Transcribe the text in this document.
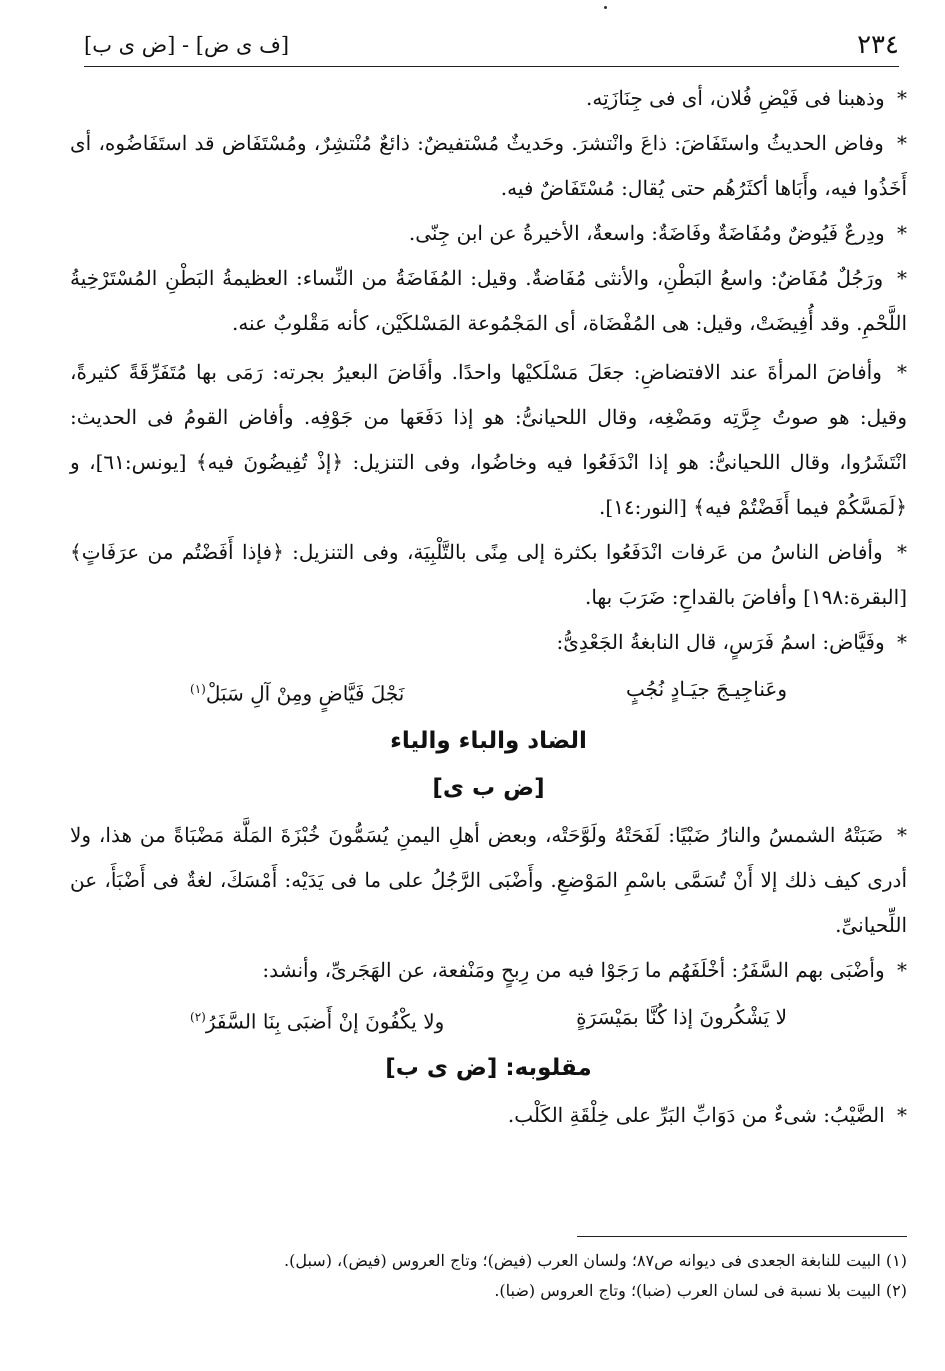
٢٣٤
[ف ى ض] - [ض ى ب]

* وذهبنا فى فَيْضِ فُلان، أى فى جِنَازَتِه.

* وفاض الحديثُ واستَفَاضَ: ذاعَ وانْتشرَ. وحَديثٌ مُسْتفيضٌ: ذائعٌ مُنْتشِرٌ، ومُسْتَفَاض قد استَفَاضُوه، أى أَخَذُوا فيه، وأَبَاها أكثَرُهُم حتى يُقال: مُسْتَفَاضٌ فيه.

* ودِرعٌ فَيُوضٌ ومُفَاضَةٌ وفَاضَةٌ: واسعةٌ، الأخيرةُ عن ابن جِنّى.

* ورَجُلٌ مُفَاضٌ: واسعُ البَطْنِ، والأنثى مُفَاضةٌ. وقيل: المُفَاضَةُ من النِّساء: العظيمةُ البَطْنِ المُسْتَرْخِيةُ اللَّحْمِ. وقد أُفِيضَتْ، وقيل: هى المُفْضَاة، أى المَجْمُوعة المَسْلكَيْن، كأنه مَقْلوبٌ عنه.

* وأفاضَ المرأةَ عند الافتضاضِ: جعَلَ مَسْلَكيْها واحدًا. وأفَاضَ البعيرُ بجرته: رَمَى بها مُتَفَرِّقَةً كثيرةً، وقيل: هو صوتُ جِرَّتِه ومَضْغِه، وقال اللحيانىُّ: هو إذا دَفَعَها من جَوْفِه. وأفاض القومُ فى الحديث: انْتَشَرُوا، وقال اللحيانىُّ: هو إذا انْدَفَعُوا فيه وخاضُوا، وفى التنزيل: ﴿إذْ تُفِيضُونَ فيه﴾ [يونس:٦١]، و ﴿لَمَسَّكُمْ فيما أَفَضْتُمْ فيه﴾ [النور:١٤].

* وأفاض الناسُ من عَرفات انْدَفَعُوا بكثرة إلى مِنًى بالتَّلْبِيَة، وفى التنزيل: ﴿فإذا أَفَضْتُم من عرَفَاتٍ﴾ [البقرة:١٩٨] وأفاضَ بالقداحِ: ضَرَبَ بها.

* وفَيَّاض: اسمُ فَرَسٍ، قال النابغةُ الجَعْدِىُّ:

وعَناجِيـجَ جيَـادٍ نُجُبٍ
نَجْلَ فَيَّاضٍ ومِنْ آلِ سَبَلْ$^{(١)}$
الضاد والباء والياء
[ض ب ى]

* ضَبَتْهُ الشمسُ والنارُ ضَبْيًا: لَفَحَتْهُ ولَوَّحَتْه، وبعض أهلِ اليمنِ يُسَمُّونَ خُبْزَةَ المَلَّة مَضْبَاةً من هذا، ولا أدرى كيف ذلك إلا أَنْ تُسَمَّى باسْمِ المَوْضعِ. وأَضْبَى الرَّجُلُ على ما فى يَدَيْه: أَمْسَكَ، لغةٌ فى أَضْبَأَ، عن اللِّحيانىِّ.

* وأضْبَى بهم السَّفَرُ: أخْلَفَهُم ما رَجَوْا فيه من رِبحٍ ومَنْفعة، عن الهَجَرىِّ، وأنشد:

لا يَشْكُرونَ إذا كُنَّا بمَيْسَرَةٍ
ولا يكْفُونَ إنْ أَضبَى بِنَا السَّفَرُ$^{(٢)}$
مقلوبه: [ض ى ب]

* الضَّيْبُ: شىءٌ من دَوَابِّ البَرِّ على خِلْقَةِ الكَلْب.

(١) البيت للنابغة الجعدى فى ديوانه ص٨٧؛ ولسان العرب (فيض)؛ وتاج العروس (فيض)، (سبل).

(٢) البيت بلا نسبة فى لسان العرب (ضبا)؛ وتاج العروس (ضبا).
